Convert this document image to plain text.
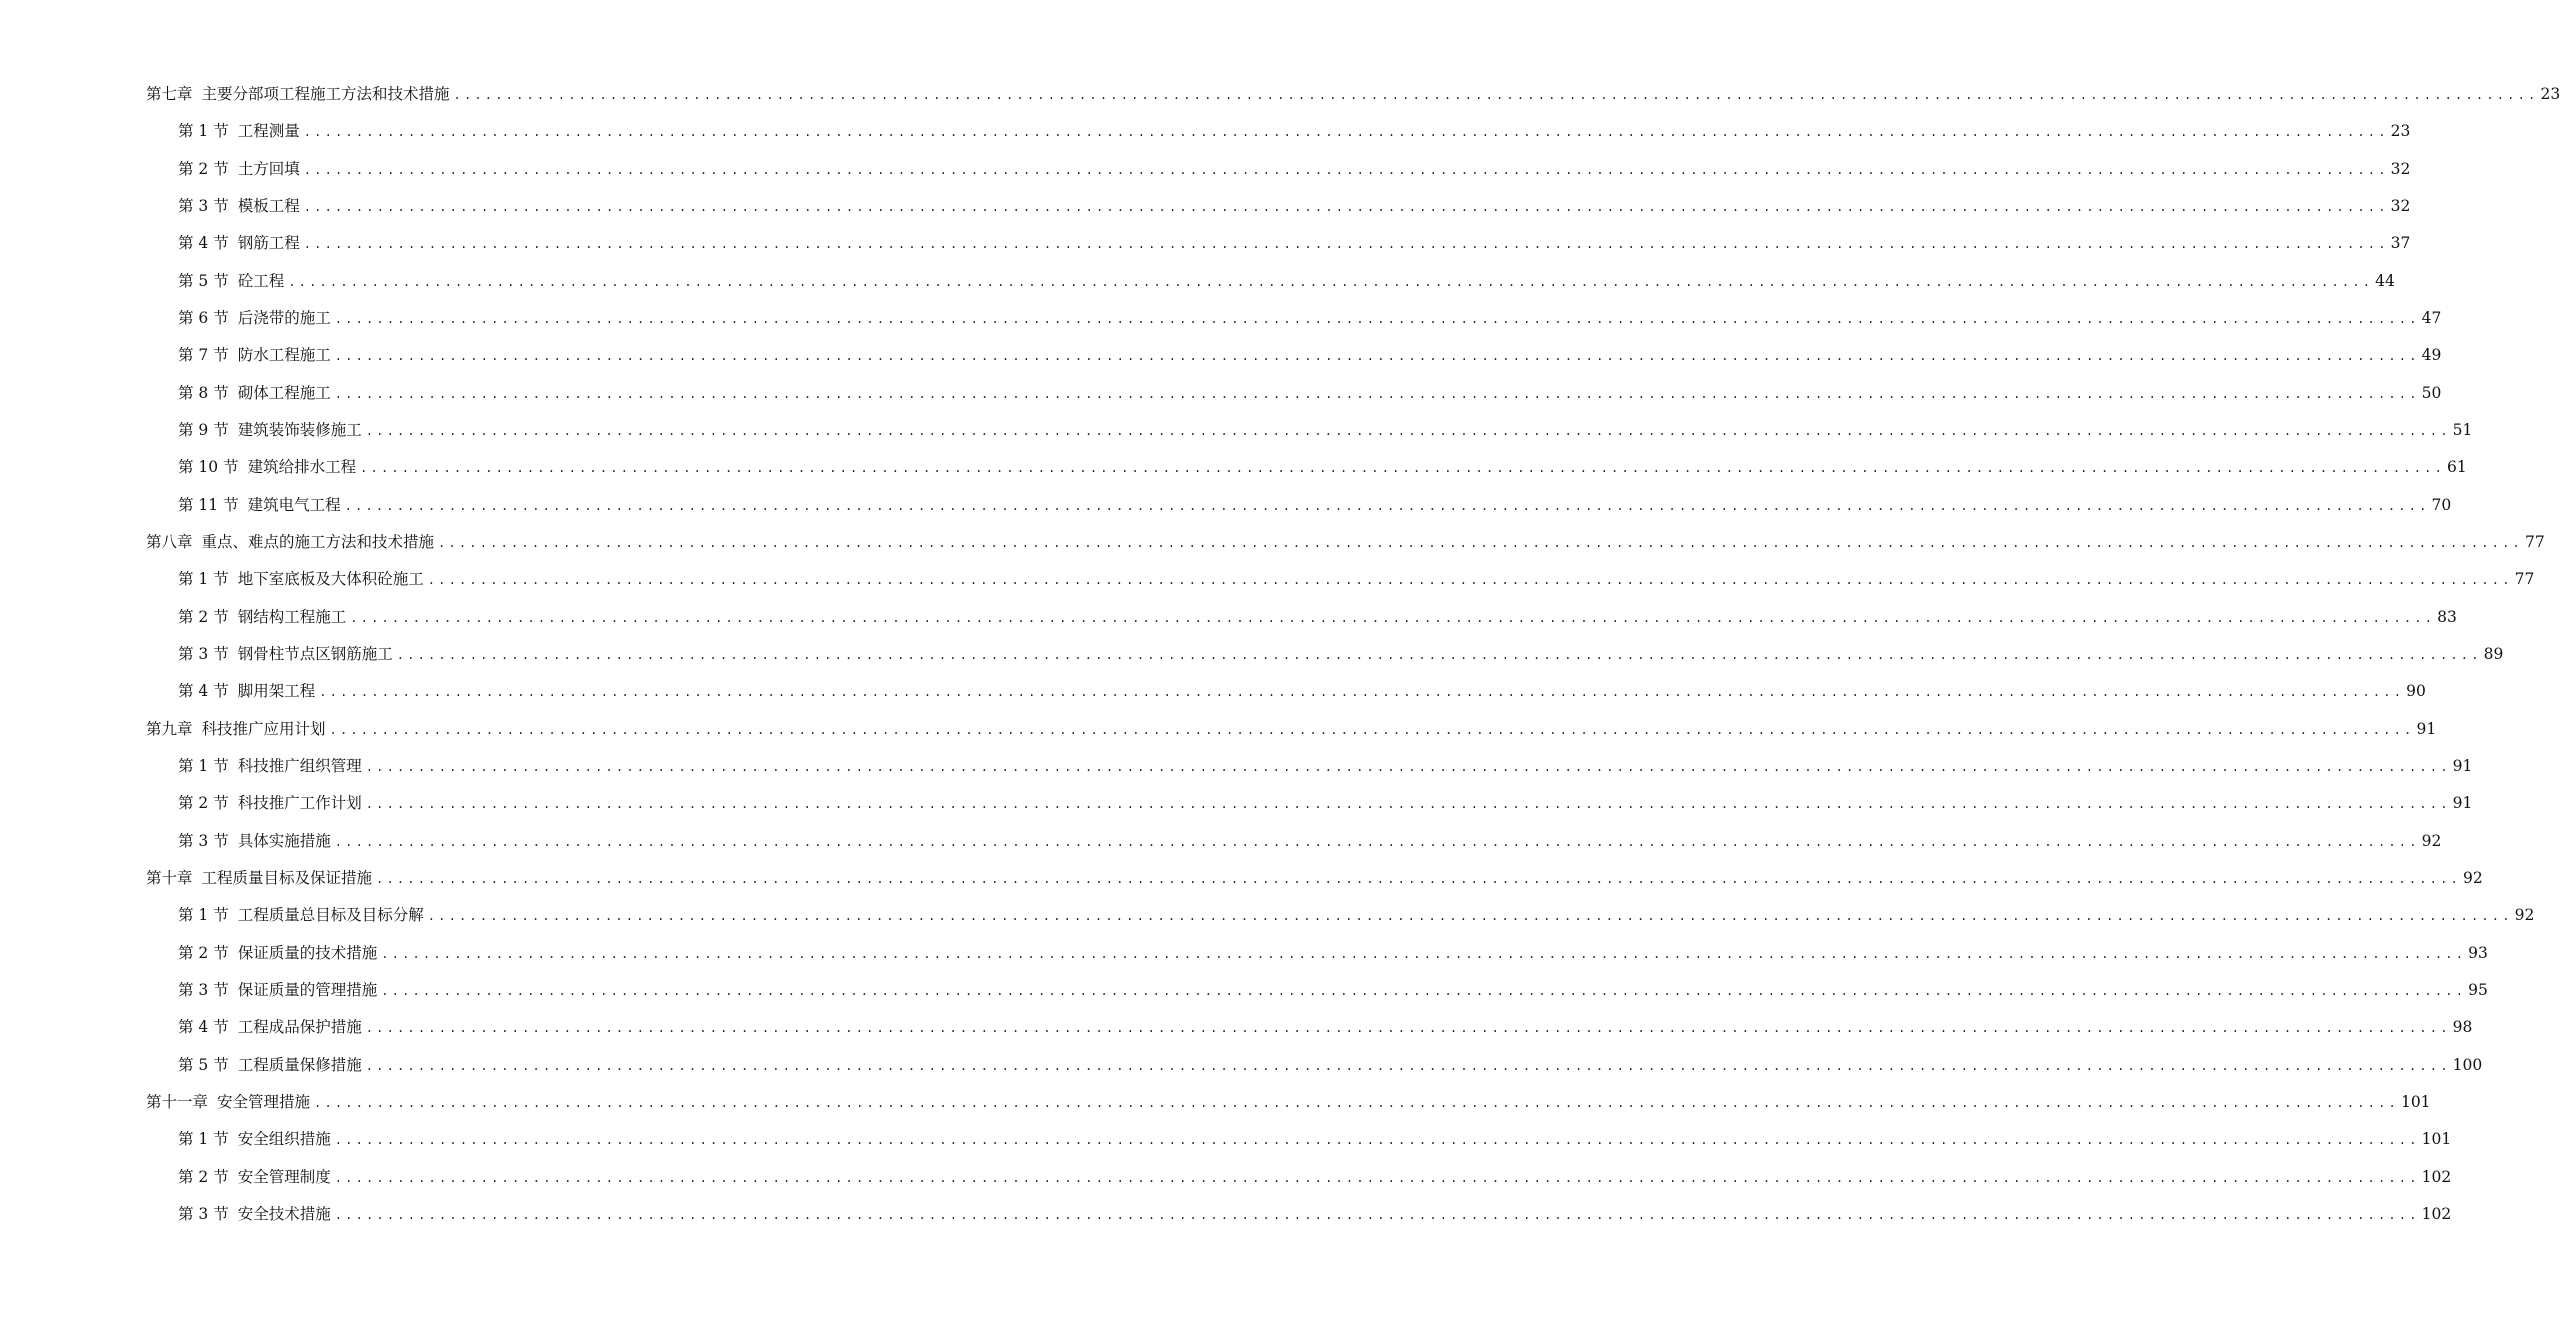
第七章 主要分部项工程施工方法和技术措施 ........................................................................................................................................................................................................ 23
第 1 节 工程测量 ........................................................................................................................................................................................................ 23
第 2 节 土方回填 ........................................................................................................................................................................................................ 32
第 3 节 模板工程 ........................................................................................................................................................................................................ 32
第 4 节 钢筋工程 ........................................................................................................................................................................................................ 37
第 5 节 砼工程 ........................................................................................................................................................................................................ 44
第 6 节 后浇带的施工 ........................................................................................................................................................................................................ 47
第 7 节 防水工程施工 ........................................................................................................................................................................................................ 49
第 8 节 砌体工程施工 ........................................................................................................................................................................................................ 50
第 9 节 建筑装饰装修施工 ........................................................................................................................................................................................................ 51
第 10 节 建筑给排水工程 ........................................................................................................................................................................................................ 61
第 11 节 建筑电气工程 ........................................................................................................................................................................................................ 70
第八章 重点、难点的施工方法和技术措施 ........................................................................................................................................................................................................ 77
第 1 节 地下室底板及大体积砼施工 ........................................................................................................................................................................................................ 77
第 2 节 钢结构工程施工 ........................................................................................................................................................................................................ 83
第 3 节 钢骨柱节点区钢筋施工 ........................................................................................................................................................................................................ 89
第 4 节 脚用架工程 ........................................................................................................................................................................................................ 90
第九章 科技推广应用计划 ........................................................................................................................................................................................................ 91
第 1 节 科技推广组织管理 ........................................................................................................................................................................................................ 91
第 2 节 科技推广工作计划 ........................................................................................................................................................................................................ 91
第 3 节 具体实施措施 ........................................................................................................................................................................................................ 92
第十章 工程质量目标及保证措施 ........................................................................................................................................................................................................ 92
第 1 节 工程质量总目标及目标分解 ........................................................................................................................................................................................................ 92
第 2 节 保证质量的技术措施 ........................................................................................................................................................................................................ 93
第 3 节 保证质量的管理措施 ........................................................................................................................................................................................................ 95
第 4 节 工程成品保护措施 ........................................................................................................................................................................................................ 98
第 5 节 工程质量保修措施 ........................................................................................................................................................................................................ 100
第十一章 安全管理措施 ........................................................................................................................................................................................................ 101
第 1 节 安全组织措施 ........................................................................................................................................................................................................ 101
第 2 节 安全管理制度 ........................................................................................................................................................................................................ 102
第 3 节 安全技术措施 ........................................................................................................................................................................................................ 102
